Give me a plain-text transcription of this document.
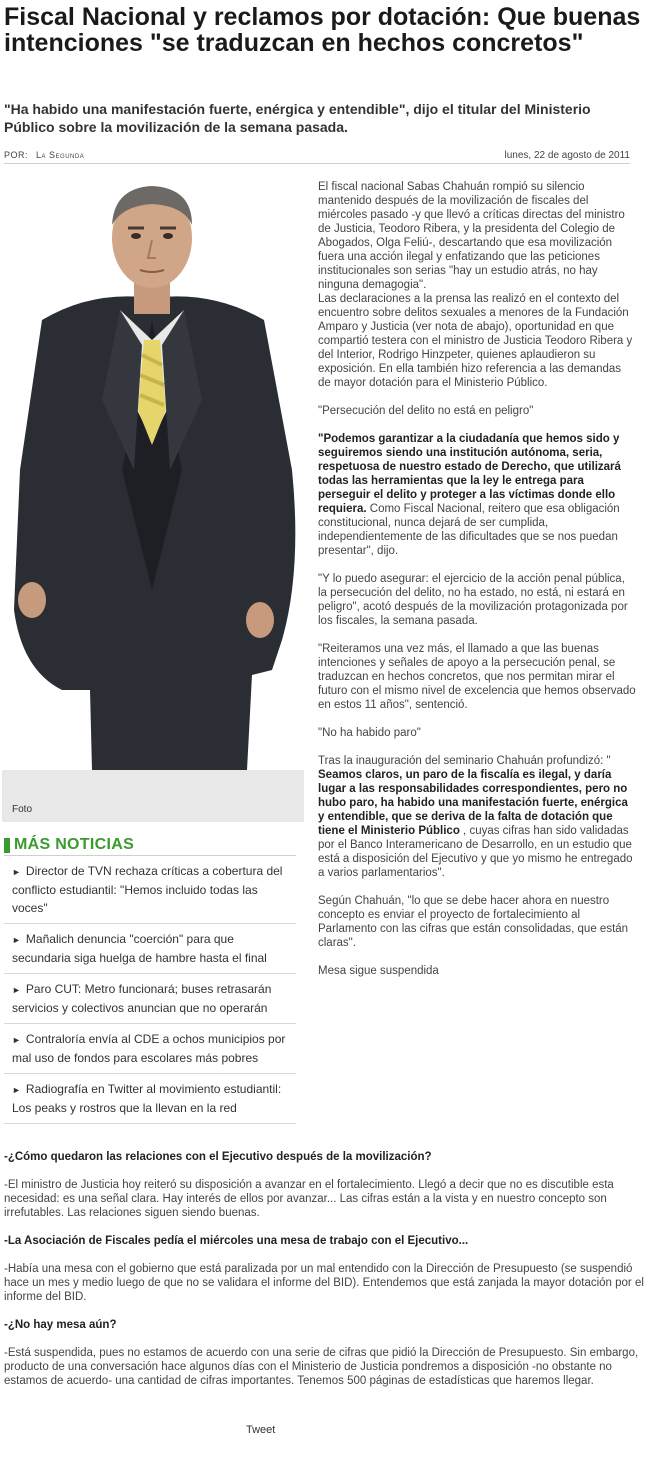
Fiscal Nacional y reclamos por dotación: Que buenas intenciones "se traduzcan en hechos concretos"
"Ha habido una manifestación fuerte, enérgica y entendible", dijo el titular del Ministerio Público sobre la movilización de la semana pasada.
POR: La Segunda	lunes, 22 de agosto de 2011
Foto
MÁS NOTICIAS
► Director de TVN rechaza críticas a cobertura del conflicto estudiantil: "Hemos incluido todas las voces"
► Mañalich denuncia "coerción" para que secundaria siga huelga de hambre hasta el final
► Paro CUT: Metro funcionará; buses retrasarán servicios y colectivos anuncian que no operarán
► Contraloría envía al CDE a ochos municipios por mal uso de fondos para escolares más pobres
► Radiografía en Twitter al movimiento estudiantil: Los peaks y rostros que la llevan en la red

El fiscal nacional Sabas Chahuán rompió su silencio mantenido después de la movilización de fiscales del miércoles pasado -y que llevó a críticas directas del ministro de Justicia, Teodoro Ribera, y la presidenta del Colegio de Abogados, Olga Feliú-, descartando que esa movilización fuera una acción ilegal y enfatizando que las peticiones institucionales son serias "hay un estudio atrás, no hay ninguna demagogia".

Las declaraciones a la prensa las realizó en el contexto del encuentro sobre delitos sexuales a menores de la Fundación Amparo y Justicia (ver nota de abajo), oportunidad en que compartió testera con el ministro de Justicia Teodoro Ribera y del Interior, Rodrigo Hinzpeter, quienes aplaudieron su exposición. En ella también hizo referencia a las demandas de mayor dotación para el Ministerio Público.

"Persecución del delito no está en peligro"

"Podemos garantizar a la ciudadanía que hemos sido y seguiremos siendo una institución autónoma, seria, respetuosa de nuestro estado de Derecho, que utilizará todas las herramientas que la ley le entrega para perseguir el delito y proteger a las víctimas donde ello requiera. Como Fiscal Nacional, reitero que esa obligación constitucional, nunca dejará de ser cumplida, independientemente de las dificultades que se nos puedan presentar", dijo.

"Y lo puedo asegurar: el ejercicio de la acción penal pública, la persecución del delito, no ha estado, no está, ni estará en peligro", acotó después de la movilización protagonizada por los fiscales, la semana pasada.

"Reiteramos una vez más, el llamado a que las buenas intenciones y señales de apoyo a la persecución penal, se traduzcan en hechos concretos, que nos permitan mirar el futuro con el mismo nivel de excelencia que hemos observado en estos 11 años", sentenció.

"No ha habido paro"

Tras la inauguración del seminario Chahuán profundizó: " Seamos claros, un paro de la fiscalía es ilegal, y daría lugar a las responsabilidades correspondientes, pero no hubo paro, ha habido una manifestación fuerte, enérgica y entendible, que se deriva de la falta de dotación que tiene el Ministerio Público , cuyas cifras han sido validadas por el Banco Interamericano de Desarrollo, en un estudio que está a disposición del Ejecutivo y que yo mismo he entregado a varios parlamentarios".

Según Chahuán, "lo que se debe hacer ahora en nuestro concepto es enviar el proyecto de fortalecimiento al Parlamento con las cifras que están consolidadas, que están claras".

Mesa sigue suspendida

-¿Cómo quedaron las relaciones con el Ejecutivo después de la movilización?

-El ministro de Justicia hoy reiteró su disposición a avanzar en el fortalecimiento. Llegó a decir que no es discutible esta necesidad: es una señal clara. Hay interés de ellos por avanzar... Las cifras están a la vista y en nuestro concepto son irrefutables. Las relaciones siguen siendo buenas.

-La Asociación de Fiscales pedía el miércoles una mesa de trabajo con el Ejecutivo...

-Había una mesa con el gobierno que está paralizada por un mal entendido con la Dirección de Presupuesto (se suspendió hace un mes y medio luego de que no se validara el informe del BID). Entendemos que está zanjada la mayor dotación por el informe del BID.

-¿No hay mesa aún?

-Está suspendida, pues no estamos de acuerdo con una serie de cifras que pidió la Dirección de Presupuesto. Sin embargo, producto de una conversación hace algunos días con el Ministerio de Justicia pondremos a disposición -no obstante no estamos de acuerdo- una cantidad de cifras importantes. Tenemos 500 páginas de estadísticas que haremos llegar.

Tweet
